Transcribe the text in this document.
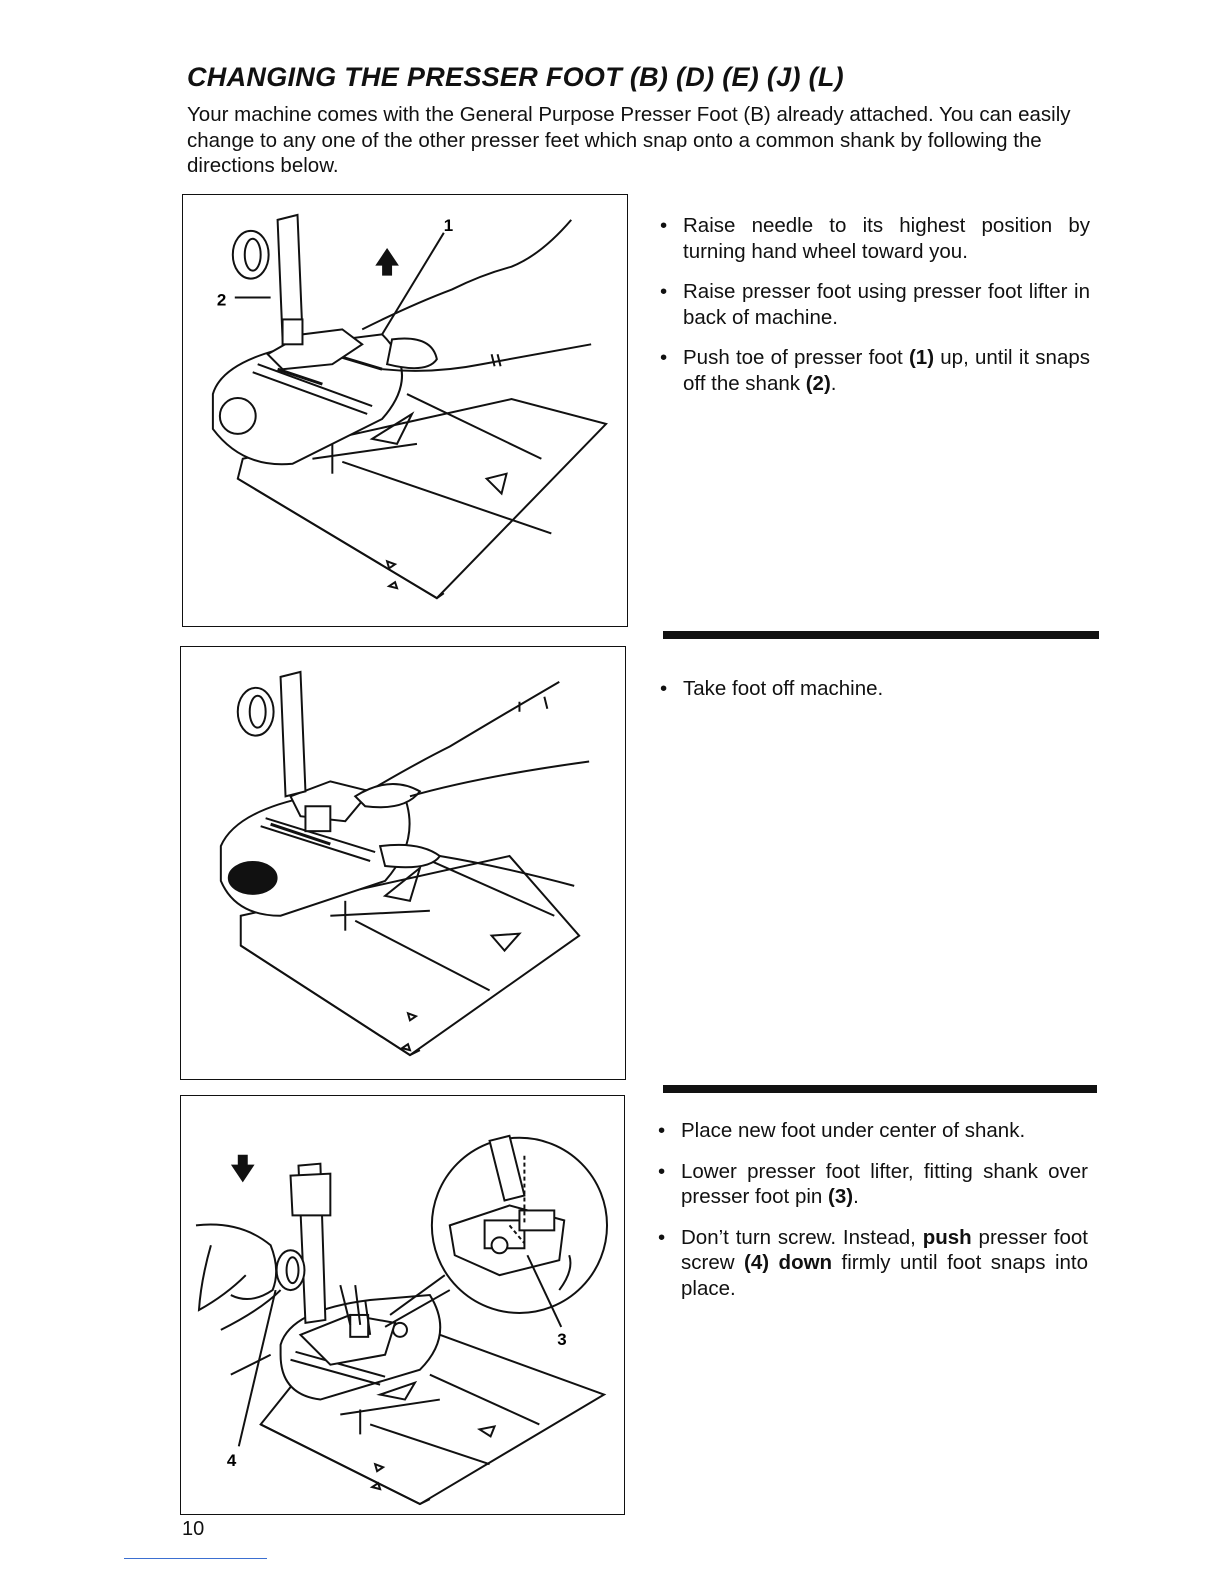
CHANGING THE PRESSER FOOT (B) (D) (E) (J) (L)

Your machine comes with the General Purpose Presser Foot (B) already attached. You can easily change to any one of the other presser feet which snap onto a common shank by following the directions below.

1
2
• Raise needle to its highest position by turning hand wheel toward you.
• Raise presser foot using presser foot lifter in back of machine.
• Push toe of presser foot (1) up, until it snaps off the shank (2).
• Take foot off machine.
3
4
• Place new foot under center of shank.
• Lower presser foot lifter, fitting shank over presser foot pin (3).
• Don’t turn screw. Instead, push presser foot screw (4) down firmly until foot snaps into place.
10
